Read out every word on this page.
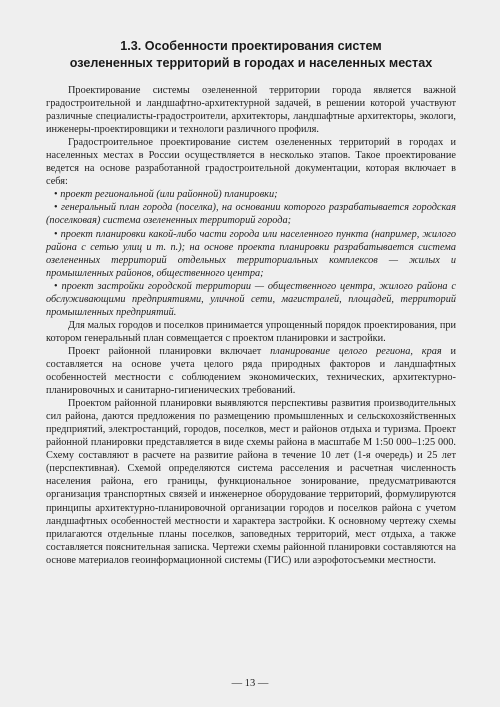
1.3. Особенности проектирования систем
озелененных территорий в городах и населенных местах

Проектирование системы озелененной территории города является важной градостроительной и ландшафтно-архитектурной задачей, в решении которой участвуют различные специалисты-градостроители, архитекторы, ландшафтные архитекторы, экологи, инженеры-проектировщики и технологи различного профиля.

Градостроительное проектирование систем озелененных территорий в городах и населенных местах в России осуществляется в несколько этапов. Такое проектирование ведется на основе разработанной градостроительной документации, которая включает в себя:

• проект региональной (или районной) планировки;

• генеральный план города (поселка), на основании которого разрабатывается городская (поселковая) система озелененных территорий города;

• проект планировки какой-либо части города или населенного пункта (например, жилого района с сетью улиц и т. п.); на основе проекта планировки разрабатывается система озелененных территорий отдельных территориальных комплексов — жилых и промышленных районов, общественного центра;

• проект застройки городской территории — общественного центра, жилого района с обслуживающими предприятиями, уличной сети, магистралей, площадей, территорий промышленных предприятий.

Для малых городов и поселков принимается упрощенный порядок проектирования, при котором генеральный план совмещается с проектом планировки и застройки.

Проект районной планировки включает планирование целого региона, края и составляется на основе учета целого ряда природных факторов и ландшафтных особенностей местности с соблюдением экономических, технических, архитектурно-планировочных и санитарно-гигиенических требований.

Проектом районной планировки выявляются перспективы развития производительных сил района, даются предложения по размещению промышленных и сельскохозяйственных предприятий, электростанций, городов, поселков, мест и районов отдыха и туризма. Проект районной планировки представляется в виде схемы района в масштабе М 1:50 000–1:25 000. Схему составляют в расчете на развитие района в течение 10 лет (1-я очередь) и 25 лет (перспективная). Схемой определяются система расселения и расчетная численность населения района, его границы, функциональное зонирование, предусматриваются организация транспортных связей и инженерное оборудование территорий, формулируются принципы архитектурно-планировочной организации городов и поселков района с учетом ландшафтных особенностей местности и характера застройки. К основному чертежу схемы прилагаются отдельные планы поселков, заповедных территорий, мест отдыха, а также составляется пояснительная записка. Чертежи схемы районной планировки составляются на основе материалов геоинформационной системы (ГИС) или аэрофотосъемки местности.

— 13 —
